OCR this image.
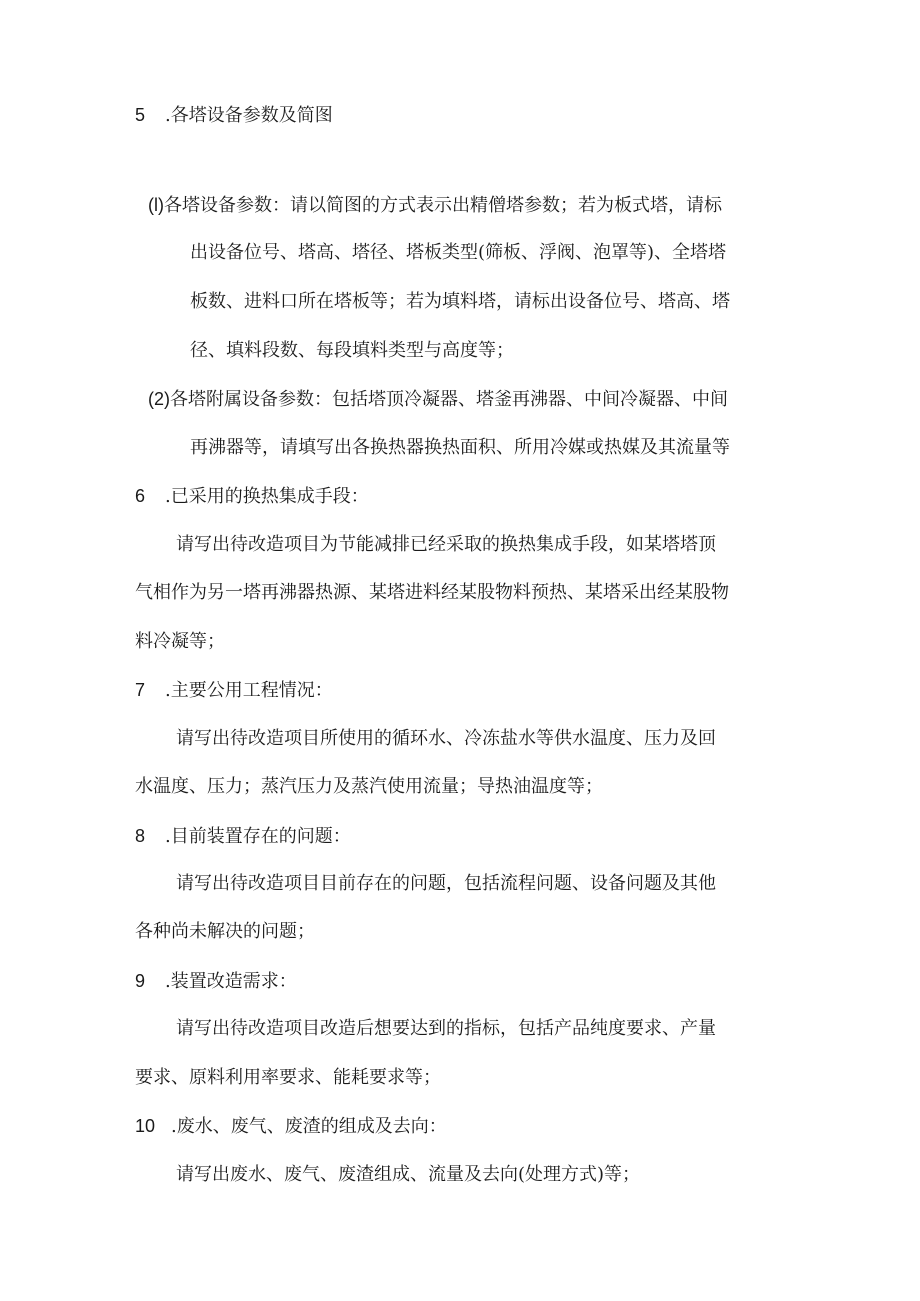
5 .各塔设备参数及简图
(l)各塔设备参数：请以简图的方式表示出精僧塔参数；若为板式塔，请标
出设备位号、塔高、塔径、塔板类型(筛板、浮阀、泡罩等)、全塔塔
板数、进料口所在塔板等；若为填料塔，请标出设备位号、塔高、塔
径、填料段数、每段填料类型与高度等；
(2)各塔附属设备参数：包括塔顶冷凝器、塔釜再沸器、中间冷凝器、中间
再沸器等，请填写出各换热器换热面积、所用冷媒或热媒及其流量等
6 .已采用的换热集成手段：
请写出待改造项目为节能减排已经采取的换热集成手段，如某塔塔顶
气相作为另一塔再沸器热源、某塔进料经某股物料预热、某塔采出经某股物
料冷凝等；
7 .主要公用工程情况：
请写出待改造项目所使用的循环水、冷冻盐水等供水温度、压力及回
水温度、压力；蒸汽压力及蒸汽使用流量；导热油温度等；
8 .目前装置存在的问题：
请写出待改造项目目前存在的问题，包括流程问题、设备问题及其他
各种尚未解决的问题；
9 .装置改造需求：
请写出待改造项目改造后想要达到的指标，包括产品纯度要求、产量
要求、原料利用率要求、能耗要求等；
10 .废水、废气、废渣的组成及去向：
请写出废水、废气、废渣组成、流量及去向(处理方式)等；
